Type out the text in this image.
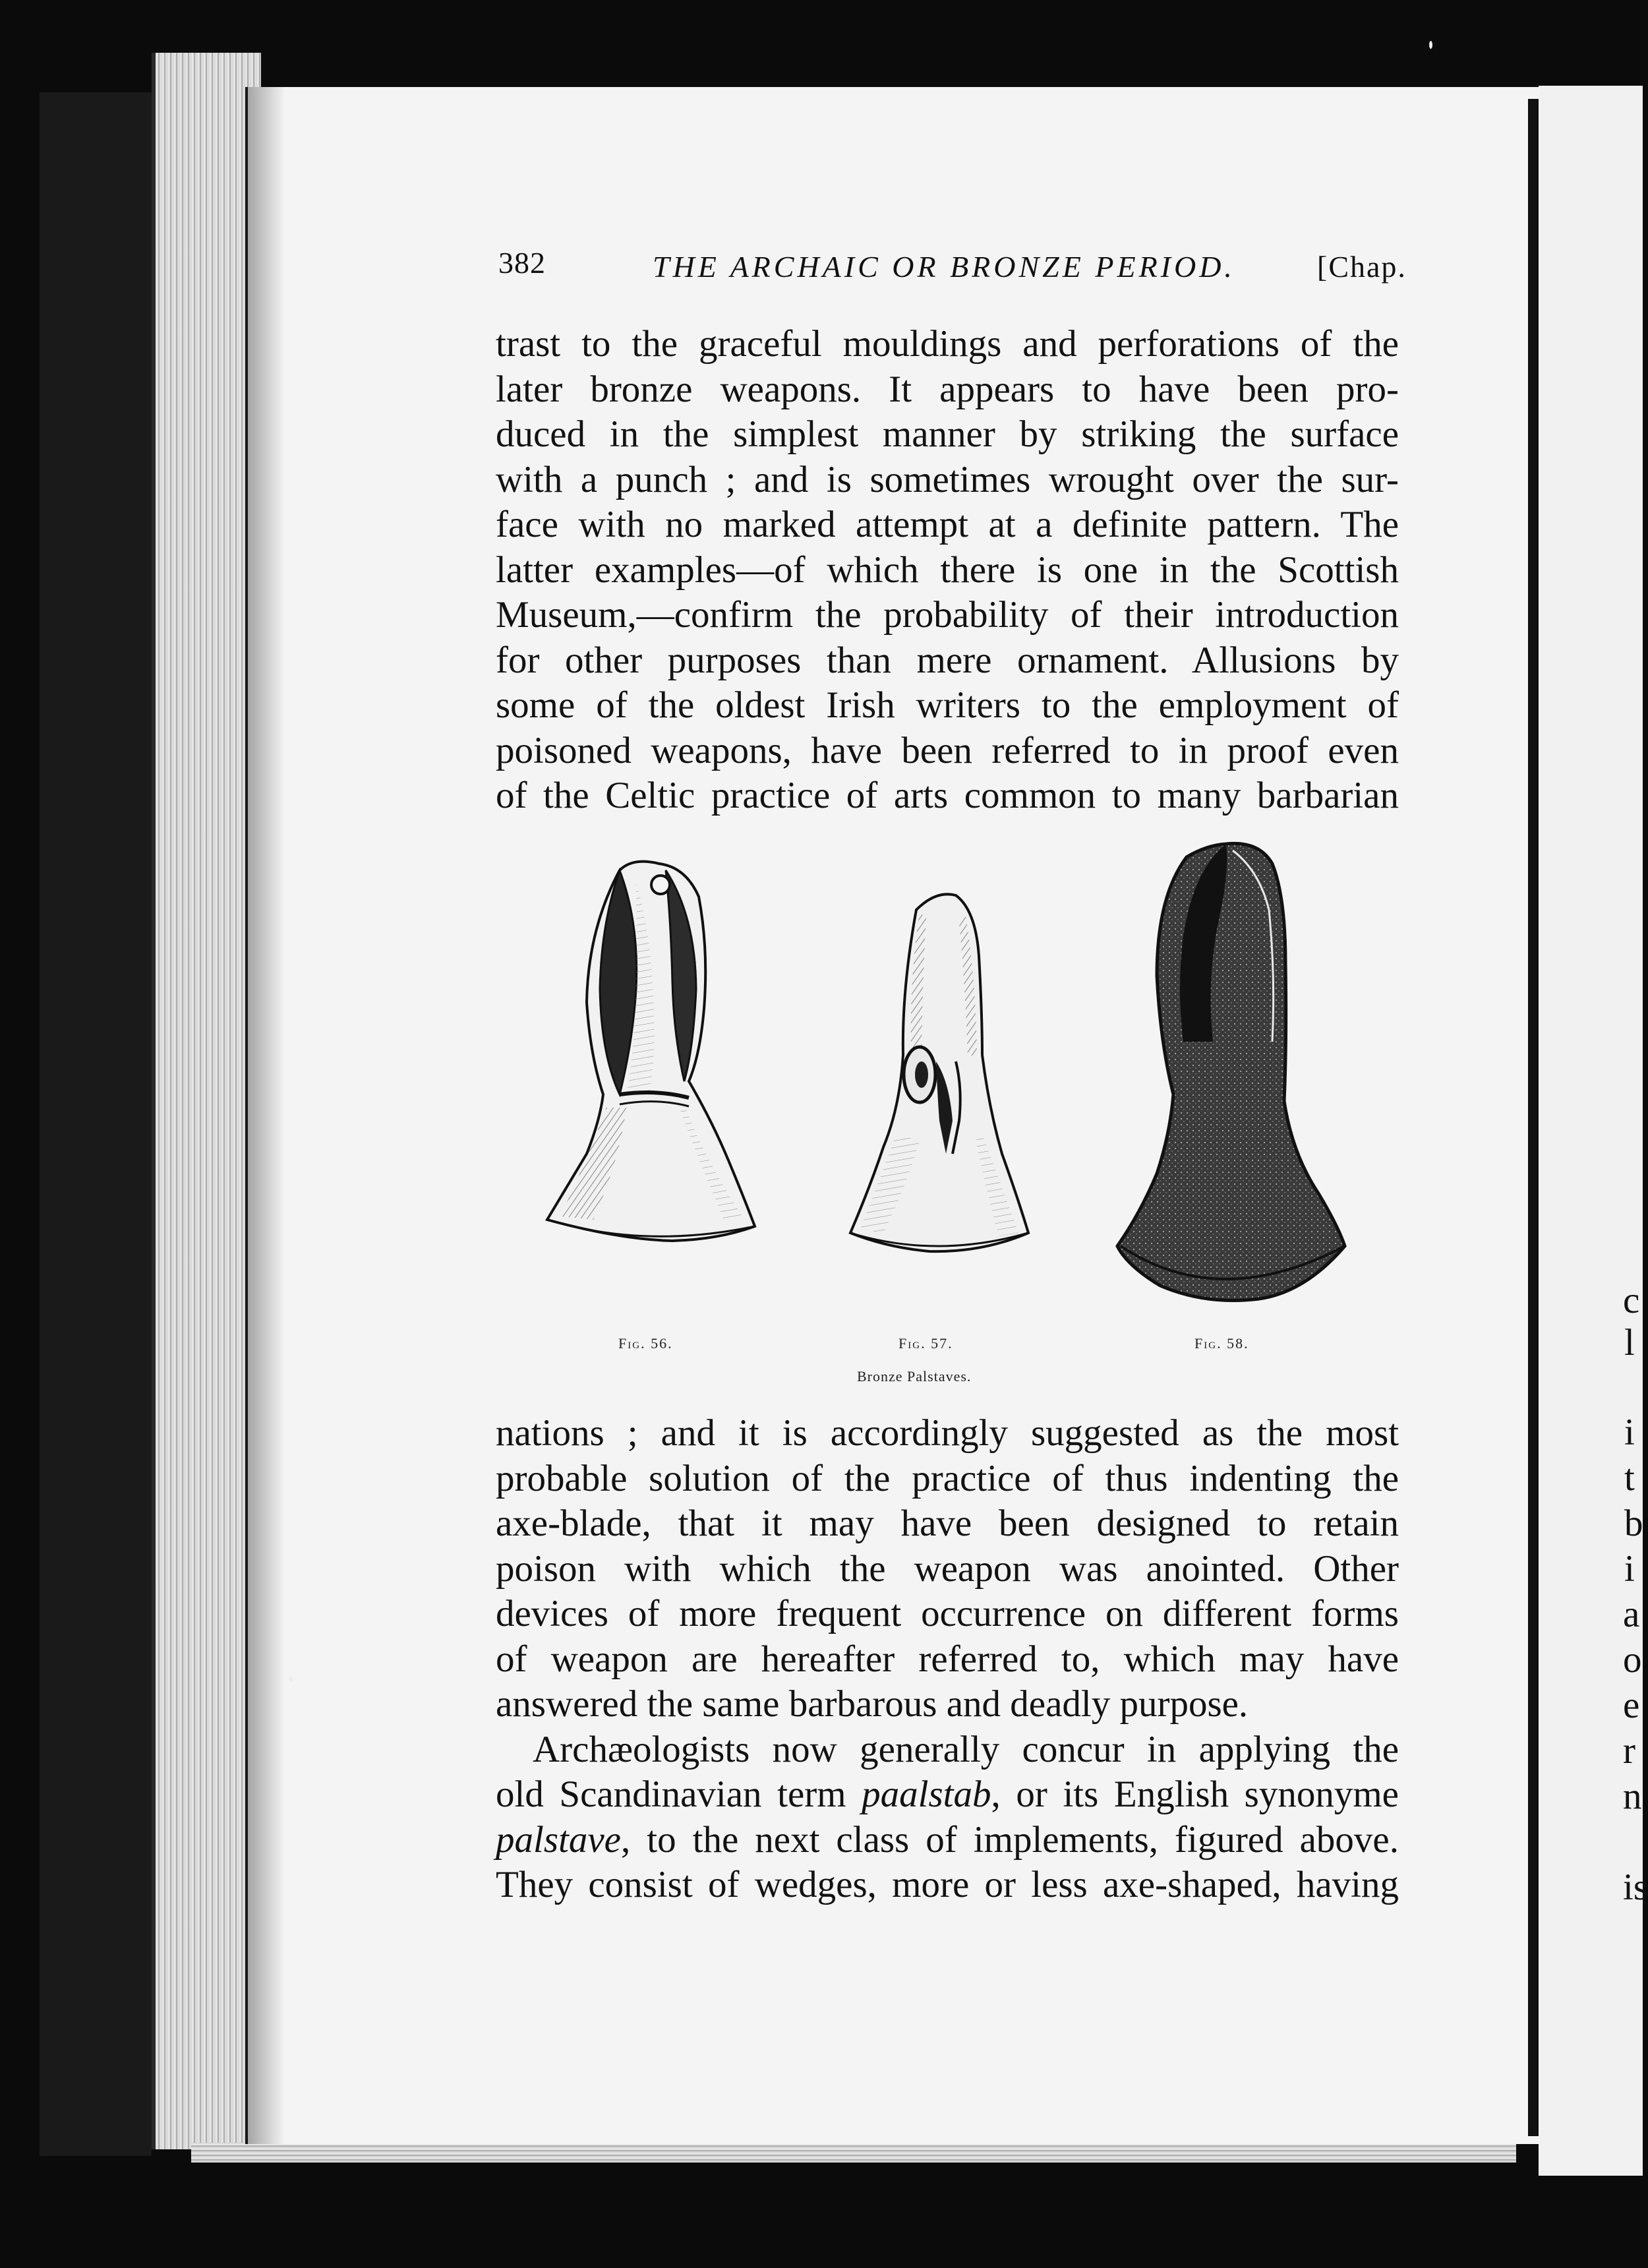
382	THE ARCHAIC OR BRONZE PERIOD.	[Chap.
trast to the graceful mouldings and perforations of the
later bronze weapons. It appears to have been pro-
duced in the simplest manner by striking the surface
with a punch ; and is sometimes wrought over the sur-
face with no marked attempt at a definite pattern. The
latter examples—of which there is one in the Scottish
Museum,—confirm the probability of their introduction
for other purposes than mere ornament. Allusions by
some of the oldest Irish writers to the employment of
poisoned weapons, have been referred to in proof even
of the Celtic practice of arts common to many barbarian
Fig. 56.	Fig. 57.	Fig. 58.
Bronze Palstaves.
nations ; and it is accordingly suggested as the most
probable solution of the practice of thus indenting the
axe-blade, that it may have been designed to retain
poison with which the weapon was anointed. Other
devices of more frequent occurrence on different forms
of weapon are hereafter referred to, which may have
answered the same barbarous and deadly purpose.
Archæologists now generally concur in applying the
old Scandinavian term paalstab, or its English synonyme
palstave, to the next class of implements, figured above.
They consist of wedges, more or less axe-shaped, having
c
l
i
t
b
i
a
o
e
r
n
is
